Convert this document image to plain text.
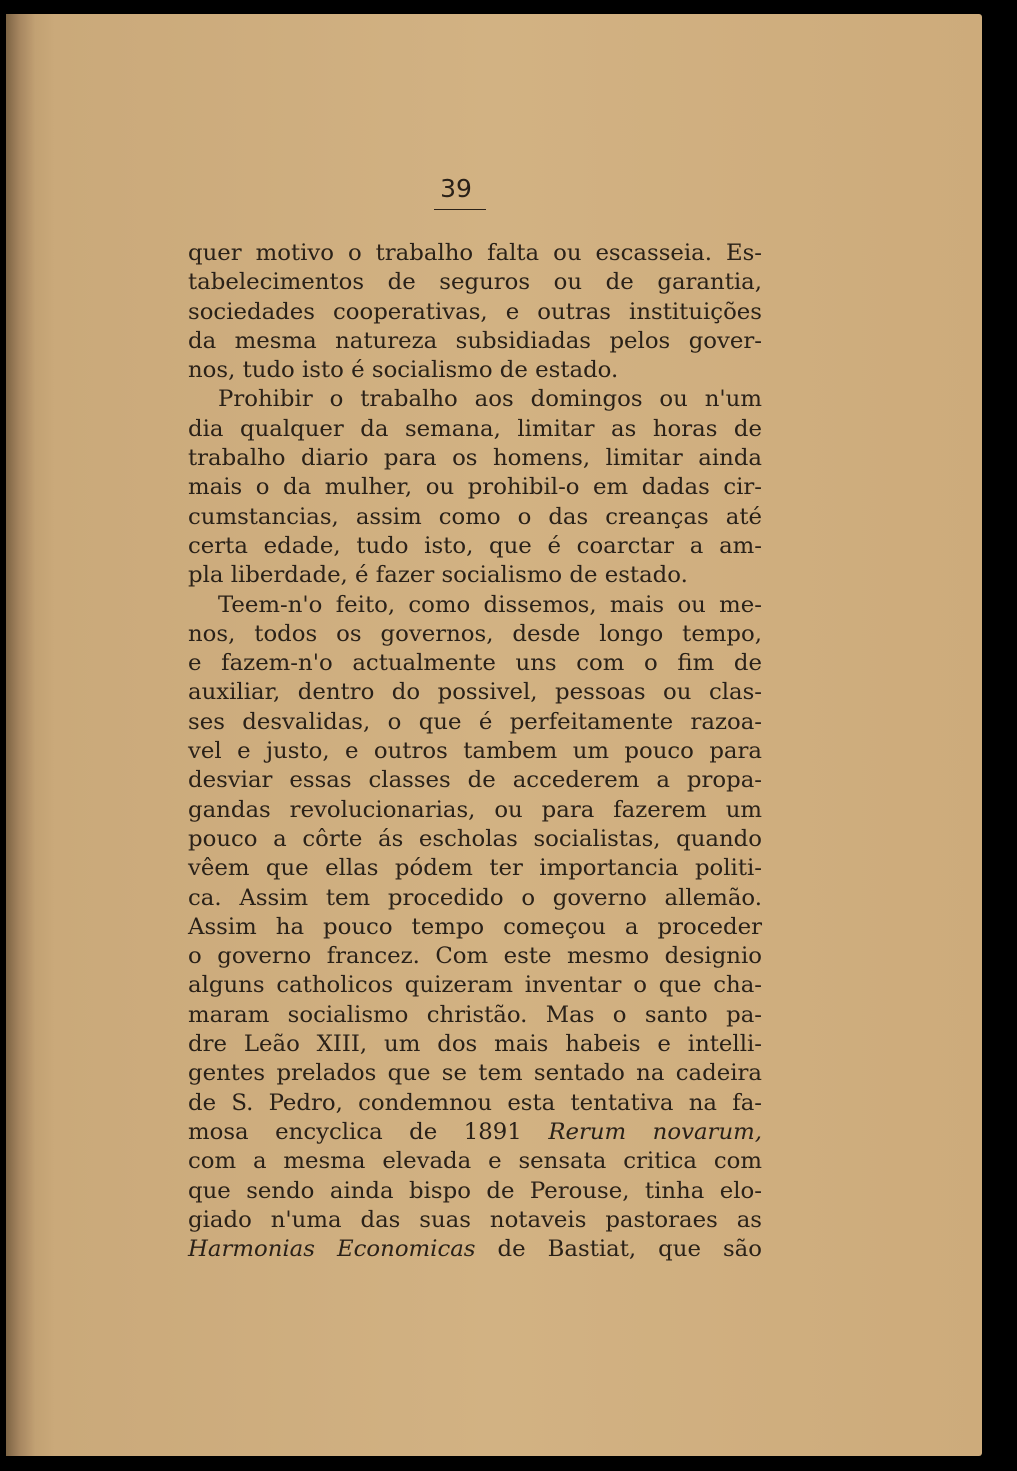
39
quer motivo o trabalho falta ou escasseia. Es-
tabelecimentos de seguros ou de garantia,
sociedades cooperativas, e outras instituições
da mesma natureza subsidiadas pelos gover-
nos, tudo isto é socialismo de estado.
Prohibir o trabalho aos domingos ou n'um
dia qualquer da semana, limitar as horas de
trabalho diario para os homens, limitar ainda
mais o da mulher, ou prohibil-o em dadas cir-
cumstancias, assim como o das creanças até
certa edade, tudo isto, que é coarctar a am-
pla liberdade, é fazer socialismo de estado.
Teem-n'o feito, como dissemos, mais ou me-
nos, todos os governos, desde longo tempo,
e fazem-n'o actualmente uns com o fim de
auxiliar, dentro do possivel, pessoas ou clas-
ses desvalidas, o que é perfeitamente razoa-
vel e justo, e outros tambem um pouco para
desviar essas classes de accederem a propa-
gandas revolucionarias, ou para fazerem um
pouco a côrte ás escholas socialistas, quando
vêem que ellas pódem ter importancia politi-
ca. Assim tem procedido o governo allemão.
Assim ha pouco tempo começou a proceder
o governo francez. Com este mesmo designio
alguns catholicos quizeram inventar o que cha-
maram socialismo christão. Mas o santo pa-
dre Leão XIII, um dos mais habeis e intelli-
gentes prelados que se tem sentado na cadeira
de S. Pedro, condemnou esta tentativa na fa-
mosa encyclica de 1891 Rerum novarum,
com a mesma elevada e sensata critica com
que sendo ainda bispo de Perouse, tinha elo-
giado n'uma das suas notaveis pastoraes as
Harmonias Economicas de Bastiat, que são
